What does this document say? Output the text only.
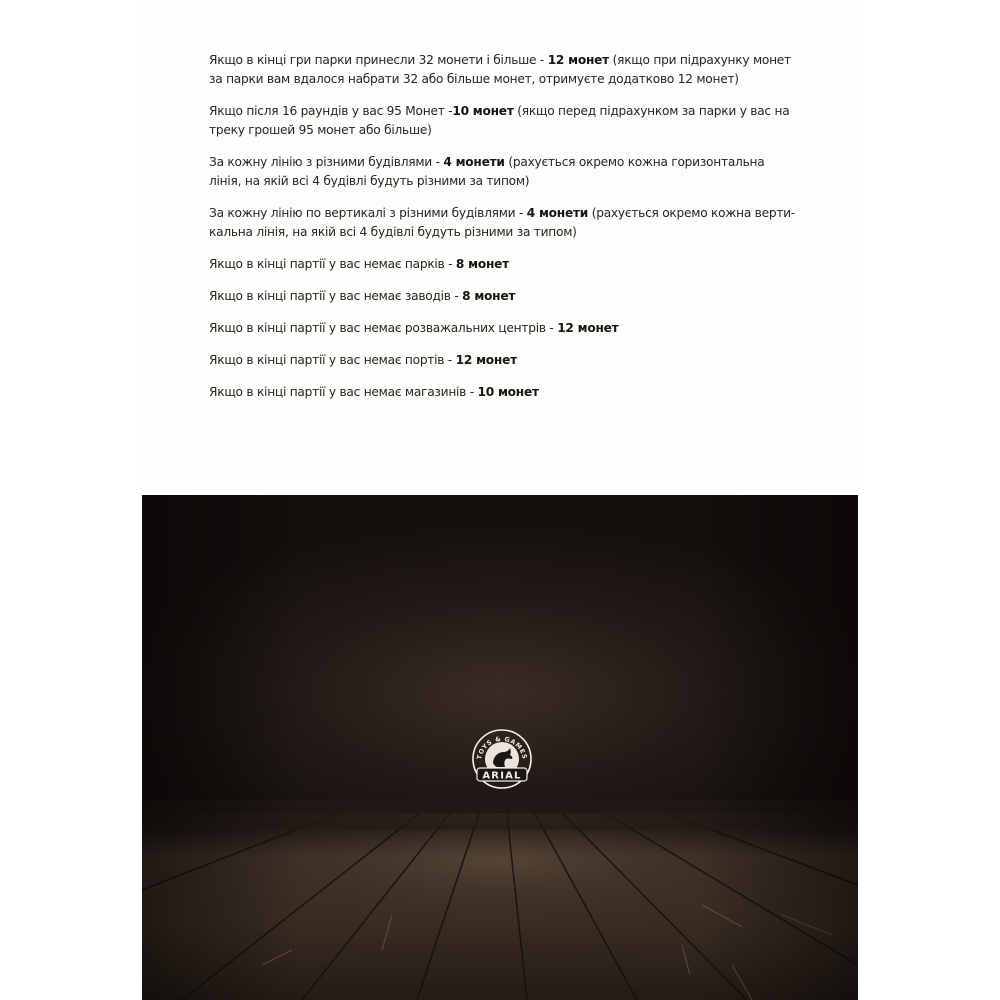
Якщо в кінці гри парки принесли 32 монети і більше - 12 монет (якщо при підрахунку монет за парки вам вдалося набрати 32 або більше монет, отримуєте додатково 12 монет)

Якщо після 16 раундів у вас 95 Монет -10 монет (якщо перед підрахунком за парки у вас на треку грошей 95 монет або більше)

За кожну лінію з різними будівлями - 4 монети (рахується окремо кожна горизонтальна лінія, на якій всі 4 будівлі будуть різними за типом)

За кожну лінію по вертикалі з різними будівлями - 4 монети (рахується окремо кожна верти-кальна лінія, на якій всі 4 будівлі будуть різними за типом)

Якщо в кінці партії у вас немає парків - 8 монет

Якщо в кінці партії у вас немає заводів - 8 монет

Якщо в кінці партії у вас немає розважальних центрів - 12 монет

Якщо в кінці партії у вас немає портів - 12 монет

Якщо в кінці партії у вас немає магазинів - 10 монет

TOYS & GAMES
ARIAL
